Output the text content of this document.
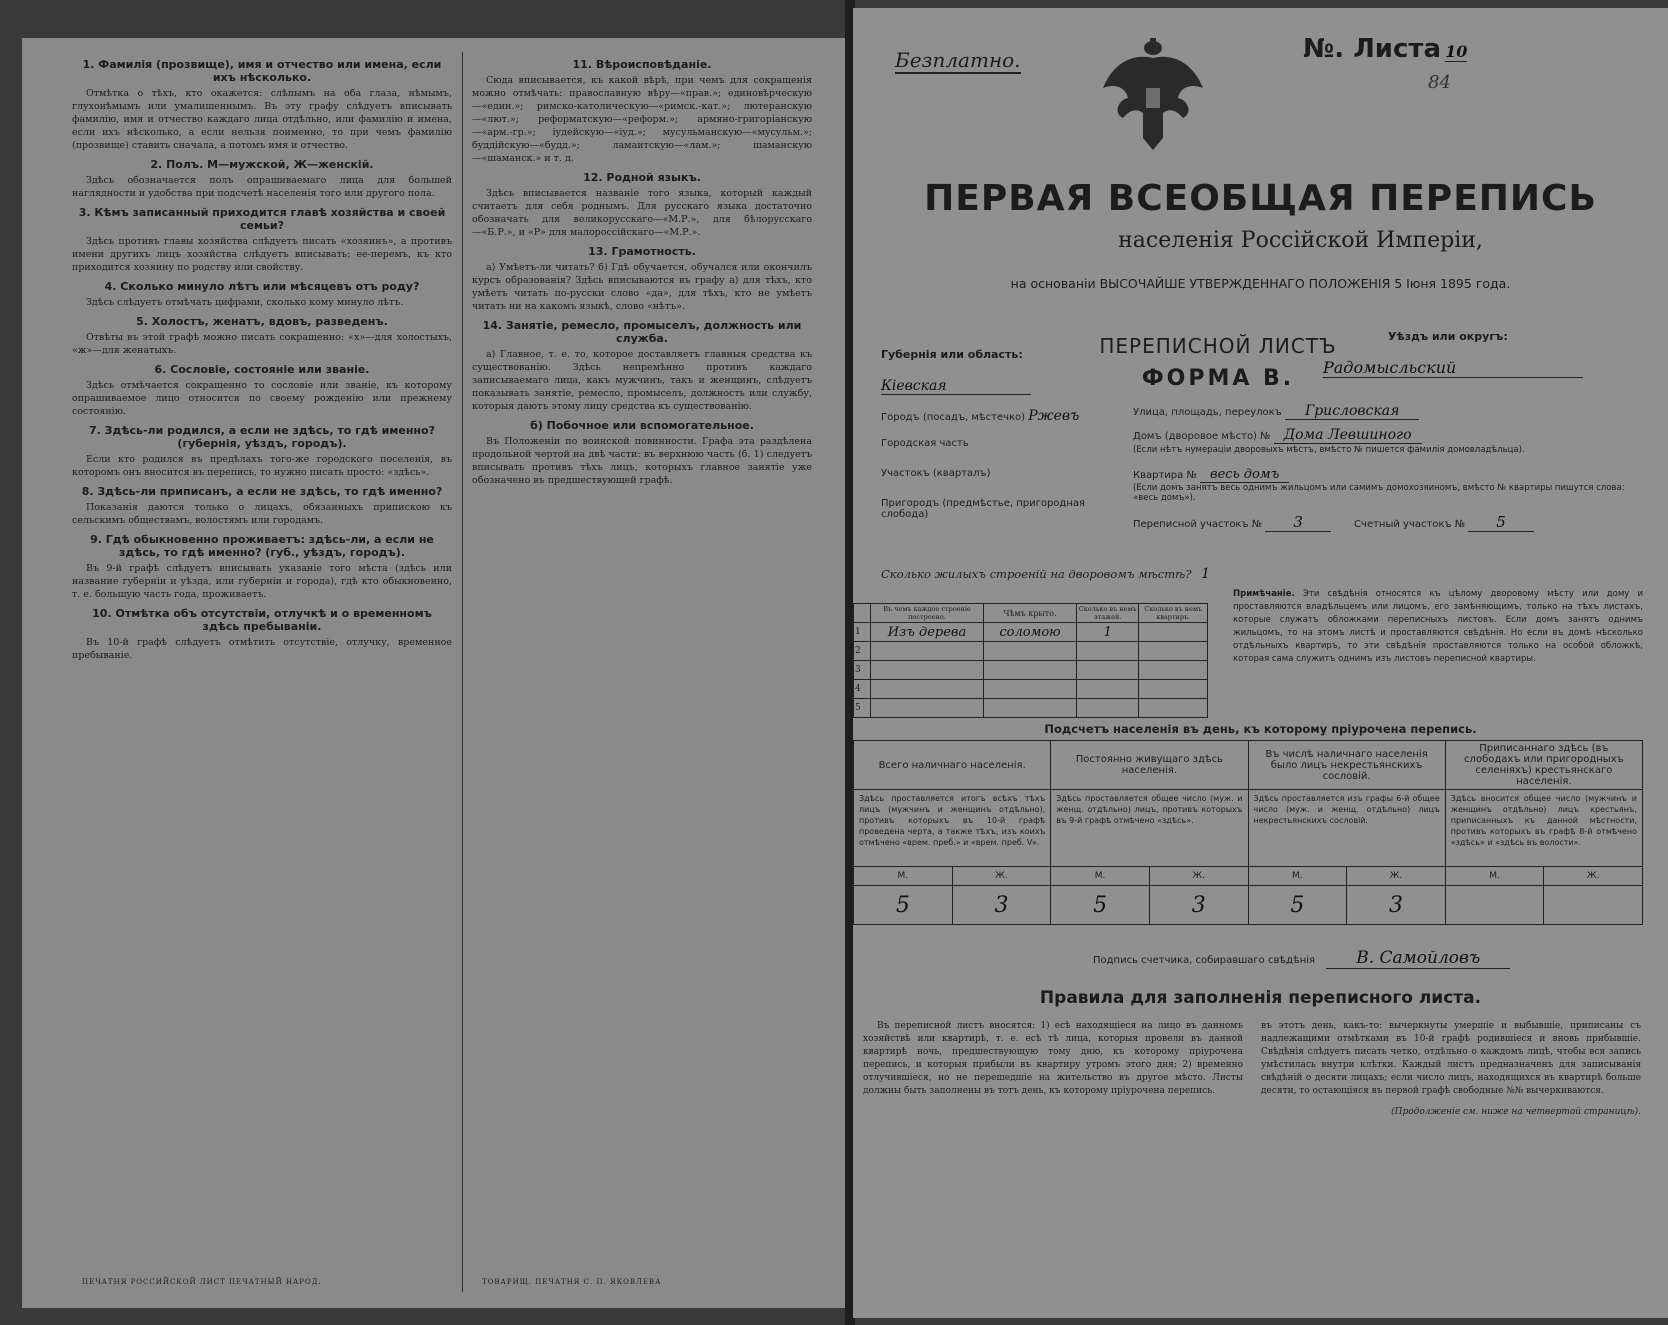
1. Фамилія (прозвище), имя и отчество или имена, если ихъ нѣсколько.

Отмѣтка о тѣхъ, кто окажется: слѣпымъ на оба глаза, нѣмымъ, глухонѣмымъ или умалишеннымъ. Въ эту графу слѣдуетъ вписывать фамилію, имя и отчество каждаго лица отдѣльно, или фамилію и имена, если ихъ нѣсколько, а если нельзя поименно, то при чемъ фамилію (прозвище) ставить сначала, а потомъ имя и отчество.

2. Полъ. М—мужской, Ж—женскій.

Здѣсь обозначается полъ опрашиваемаго лица для большей наглядности и удобства при подсчетѣ населенія того или другого пола.

3. Кѣмъ записанный приходится главѣ хозяйства и своей семьи?

Здѣсь противъ главы хозяйства слѣдуетъ писать «хозяинъ», а противъ имени другихъ лицъ хозяйства слѣдуетъ вписывать: ее-перемъ, къ кто приходится хозяину по родству или свойству.

4. Сколько минуло лѣтъ или мѣсяцевъ отъ роду?

Здѣсь слѣдуетъ отмѣчать цифрами, сколько кому минуло лѣтъ.

5. Холостъ, женатъ, вдовъ, разведенъ.

Отвѣты въ этой графѣ можно писать сокращенно: «х»—для холостыхъ, «ж»—для женатыхъ.

6. Сословіе, состояніе или званіе.

Здѣсь отмѣчается сокращенно то сословіе или званіе, къ которому опрашиваемое лицо относится по своему рожденію или прежнему состоянію.

7. Здѣсь-ли родился, а если не здѣсь, то гдѣ именно? (губернія, уѣздъ, городъ).

Если кто родился въ предѣлахъ того-же городского поселенія, въ которомъ онъ вносится въ перепись, то нужно писать просто: «здѣсь».

8. Здѣсь-ли приписанъ, а если не здѣсь, то гдѣ именно?

Показанія даются только о лицахъ, обязанныхъ припискою къ сельскимъ обществамъ, волостямъ или городамъ.

9. Гдѣ обыкновенно проживаетъ: здѣсь-ли, а если не здѣсь, то гдѣ именно? (губ., уѣздъ, городъ).

Въ 9-й графѣ слѣдуетъ вписывать указаніе того мѣста (здѣсь или название губерніи и уѣзда, или губерніи и города), гдѣ кто обыкновенно, т. е. большую часть года, проживаетъ.

10. Отмѣтка объ отсутствіи, отлучкѣ и о временномъ здѣсь пребываніи.

Въ 10-й графѣ слѣдуетъ отмѣтить отсутствіе, отлучку, временное пребываніе.

11. Вѣроисповѣданіе.

Сюда вписывается, къ какой вѣрѣ, при чемъ для сокращенія можно отмѣчать: православную вѣру—«прав.»; единовѣрческую—«един.»; римско-католическую—«римск.-кат.»; лютеранскую—«лют.»; реформатскую—«реформ.»; армяно-григоріанскую—«арм.-гр.»; іудейскую—«іуд.»; мусульманскую—«мусульм.»; буддійскую—«будд.»; ламаитскую—«лам.»; шаманскую—«шаманск.» и т. д.

12. Родной языкъ.

Здѣсь вписывается названіе того языка, который каждый считаетъ для себя роднымъ. Для русскаго языка достаточно обозначать для великорусскаго—«М.Р.», для бѣлорусскаго—«Б.Р.», и «Р» для малороссійскаго—«М.Р.».

13. Грамотность.

а) Умѣетъ-ли читать? б) Гдѣ обучается, обучался или окончилъ курсъ образованія? Здѣсь вписываются въ графу а) для тѣхъ, кто умѣетъ читать по-русски слово «да», для тѣхъ, кто не умѣетъ читать ни на какомъ языкѣ, слово «нѣтъ».

14. Занятіе, ремесло, промыселъ, должность или служба.

а) Главное, т. е. то, которое доставляетъ главныя средства къ существованію. Здѣсь непремѣнно противъ каждаго записываемаго лица, какъ мужчинъ, такъ и женщинъ, слѣдуетъ показывать занятіе, ремесло, промыселъ, должность или службу, которыя даютъ этому лицу средства къ существованію.

б) Побочное или вспомогательное.

Въ Положеніи по воинской повинности. Графа эта раздѣлена продольной чертой на двѣ части: въ верхнюю часть (б. 1) следуетъ вписывать противъ тѣхъ лицъ, которыхъ главное занятіе уже обозначено въ предшествующей графѣ.

ПЕЧАТНЯ РОССИЙСКОЙ ЛИСТ ПЕЧАТНЫЙ НАРОД.	ТОВАРИЩ. ПЕЧАТНЯ С. П. ЯКОВЛЕВА
Безплатно.	№. Листа 10
84
ПЕРВАЯ ВСЕОБЩАЯ ПЕРЕПИСЬ
населенія Россійской Имперіи,
на основаніи ВЫСОЧАЙШЕ УТВЕРЖДЕННАГО ПОЛОЖЕНІЯ 5 Іюня 1895 года.
ПЕРЕПИСНОЙ ЛИСТЪ
ФОРМА В.
Губернія или область:
Кіевская
Уѣздъ или округъ:
Радомысльский
Городъ (посадъ, мѣстечко) Ржевъ
Городская часть
Участокъ (кварталъ)
Пригородъ (предмѣстье, пригородная слобода)
Улица, площадь, переулокъ Грисловская
Домъ (дворовое мѣсто) № Дома Левшиного
(Если нѣтъ нумераціи дворовыхъ мѣстъ, вмѣсто № пишется фамилія домовладѣльца).
Квартира № весь домъ
(Если домъ занятъ весь однимъ жильцомъ или самимъ домохозяиномъ, вмѣсто № квартиры пишутся слова: «весь домъ»).
Переписной участокъ № 3	Счетный участокъ № 5
Сколько жилыхъ строеній на дворовомъ мѣстѣ? 1
	Въ чемъ каждое строеніе построено.	Чѣмъ крыто.	Сколько въ немъ этажей.	Сколько въ немъ квартиръ.
1	Изъ дерева	соломою	1	
2				
3				
4				
5				
Примѣчаніе. Эти свѣдѣнія относятся къ цѣлому дворовому мѣсту или дому и проставляются владѣльцемъ или лицомъ, его замѣняющимъ, только на тѣхъ листахъ, которые служатъ обложками переписныхъ листовъ. Если домъ занятъ однимъ жильцомъ, то на этомъ листѣ и проставляются свѣдѣнія. Но если въ домѣ нѣсколько отдѣльныхъ квартиръ, то эти свѣдѣнія проставляются только на особой обложкѣ, которая сама служитъ однимъ изъ листовъ переписной квартиры.
Подсчетъ населенія въ день, къ которому пріурочена перепись.
Всего наличнаго населенія.		Постоянно живущаго здѣсь населенія.		Въ числѣ наличнаго населенія было лицъ некрестьянскихъ сословій.		Приписаннаго здѣсь (въ слободахъ или пригородныхъ селеніяхъ) крестьянскаго населенія.	
Здѣсь проставляется итогъ всѣхъ тѣхъ лицъ (мужчинъ и женщинъ отдѣльно), противъ которыхъ въ 10-й графѣ проведена черта, а также тѣхъ, изъ коихъ отмѣчено «врем. преб.» и «врем. преб. V».		Здѣсь проставляется общее число (муж. и женщ. отдѣльно) лицъ, противъ которыхъ въ 9-й графѣ отмѣчено «здѣсь».		Здѣсь проставляется изъ графы 6-й общее число (муж. и женщ. отдѣльно) лицъ некрестьянскихъ сословій.		Здѣсь вносится общее число (мужчинъ и женщинъ отдѣльно) лицъ крестьянъ, приписанныхъ къ данной мѣстности, противъ которыхъ въ графѣ 8-й отмѣчено «здѣсь» и «здѣсь въ волости».	
М.	Ж.	М.	Ж.	М.	Ж.	М.	Ж.
5	3	5	3	5	3		
Подпись счетчика, собиравшаго свѣдѣнія В. Самойловъ
Правила для заполненія переписного листа.
Въ переписной листъ вносятся: 1) есѣ находящіеся на лицо въ данномъ хозяйствѣ или квартирѣ, т. е. есѣ тѣ лица, которыя провели въ данной квартирѣ ночь, предшествующую тому дню, къ которому пріурочена перепись, и которыя прибыли въ квартиру утромъ этого дня; 2) временно отлучившіеся, но не перешедшіе на жительство въ другое мѣсто. Листы должны быть заполнены въ тотъ день, къ которому пріурочена перепись.
въ этотъ день, какъ-то: вычеркнуты умершіе и выбывшіе, приписаны съ надлежащими отмѣтками въ 10-й графѣ родившіеся и вновь прибывшіе. Свѣдѣнія слѣдуетъ писать четко, отдѣльно о каждомъ лицѣ, чтобы вся запись умѣстилась внутри клѣтки. Каждый листъ предназначенъ для записыванія свѣдѣній о десяти лицахъ; если число лицъ, находящихся въ квартирѣ больше десяти, то остающіяся въ первой графѣ свободные №№ вычеркиваются.
(Продолженіе см. ниже на четвертой страницѣ).
